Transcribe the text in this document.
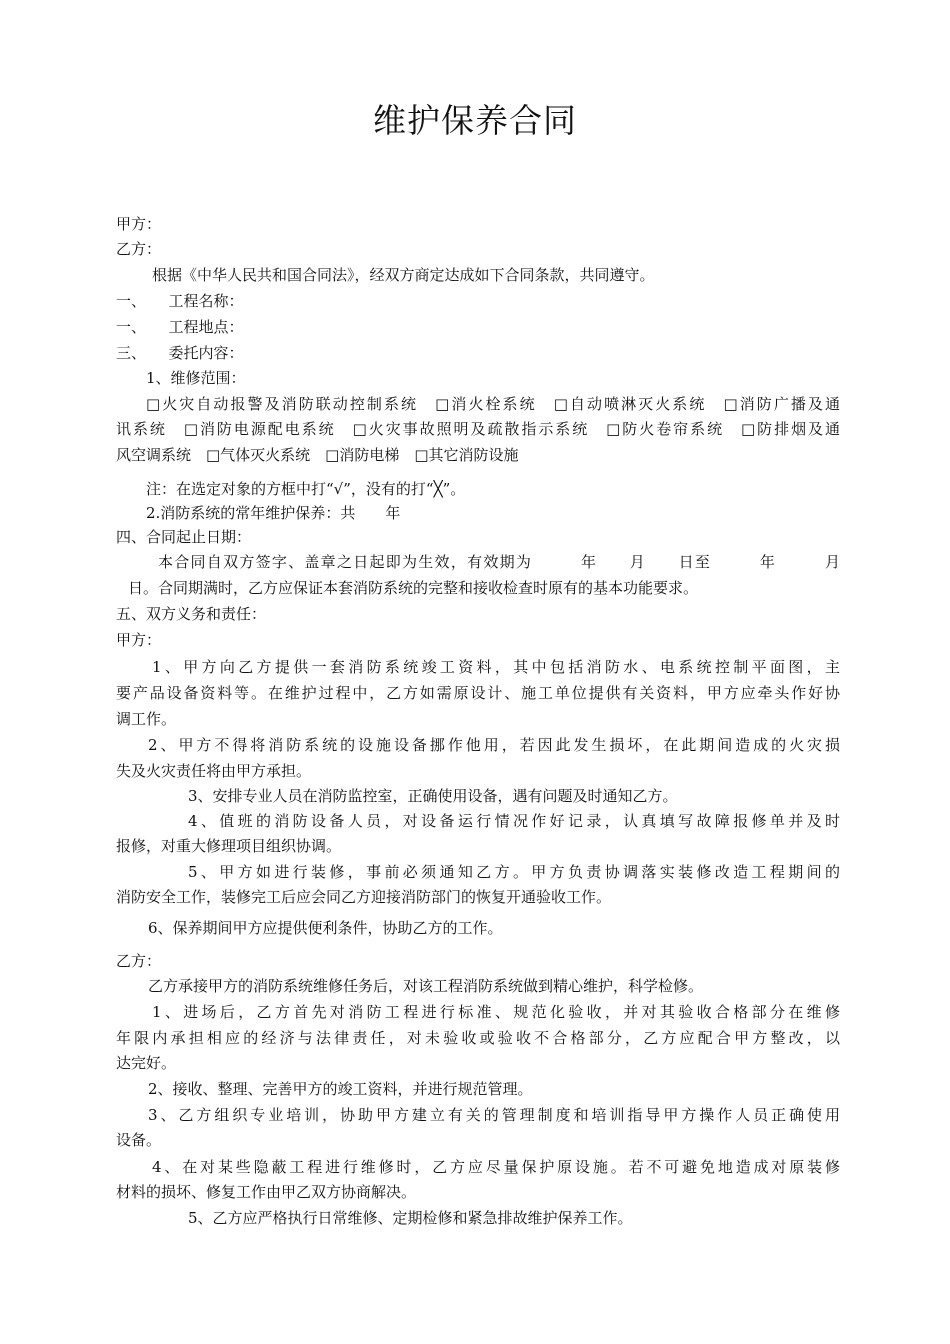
维护保养合同
甲方：
乙方：
根据《中华人民共和国合同法》，经双方商定达成如下合同条款，共同遵守。
一、　　工程名称：
一、　　工程地点：
三、　　委托内容：
1、维修范围：
□火灾自动报警及消防联动控制系统　□消火栓系统　□自动喷淋灭火系统　□消防广播及通
讯系统　□消防电源配电系统　□火灾事故照明及疏散指示系统　□防火卷帘系统　□防排烟及通
风空调系统　□气体灭火系统　□消防电梯　□其它消防设施
注：在选定对象的方框中打“√”，没有的打“╳”。
2.消防系统的常年维护保养：共　　年
四、合同起止日期：
本合同自双方签字、盖章之日起即为生效，有效期为　　　年　　月　　日至　　　年　　　月
日。合同期满时，乙方应保证本套消防系统的完整和接收检查时原有的基本功能要求。
五、双方义务和责任：
甲方：
1、甲方向乙方提供一套消防系统竣工资料，其中包括消防水、电系统控制平面图，主
要产品设备资料等。在维护过程中，乙方如需原设计、施工单位提供有关资料，甲方应牵头作好协
调工作。
2、甲方不得将消防系统的设施设备挪作他用，若因此发生损坏，在此期间造成的火灾损
失及火灾责任将由甲方承担。
3、安排专业人员在消防监控室，正确使用设备，遇有问题及时通知乙方。
4、值班的消防设备人员，对设备运行情况作好记录，认真填写故障报修单并及时
报修，对重大修理项目组织协调。
5、甲方如进行装修，事前必须通知乙方。甲方负责协调落实装修改造工程期间的
消防安全工作，装修完工后应会同乙方迎接消防部门的恢复开通验收工作。
6、保养期间甲方应提供便利条件，协助乙方的工作。
乙方：
乙方承接甲方的消防系统维修任务后，对该工程消防系统做到精心维护，科学检修。
1、进场后，乙方首先对消防工程进行标准、规范化验收，并对其验收合格部分在维修
年限内承担相应的经济与法律责任，对未验收或验收不合格部分，乙方应配合甲方整改，以
达完好。
2、接收、整理、完善甲方的竣工资料，并进行规范管理。
3、乙方组织专业培训，协助甲方建立有关的管理制度和培训指导甲方操作人员正确使用
设备。
4、在对某些隐蔽工程进行维修时，乙方应尽量保护原设施。若不可避免地造成对原装修
材料的损坏、修复工作由甲乙双方协商解决。
5、乙方应严格执行日常维修、定期检修和紧急排故维护保养工作。
